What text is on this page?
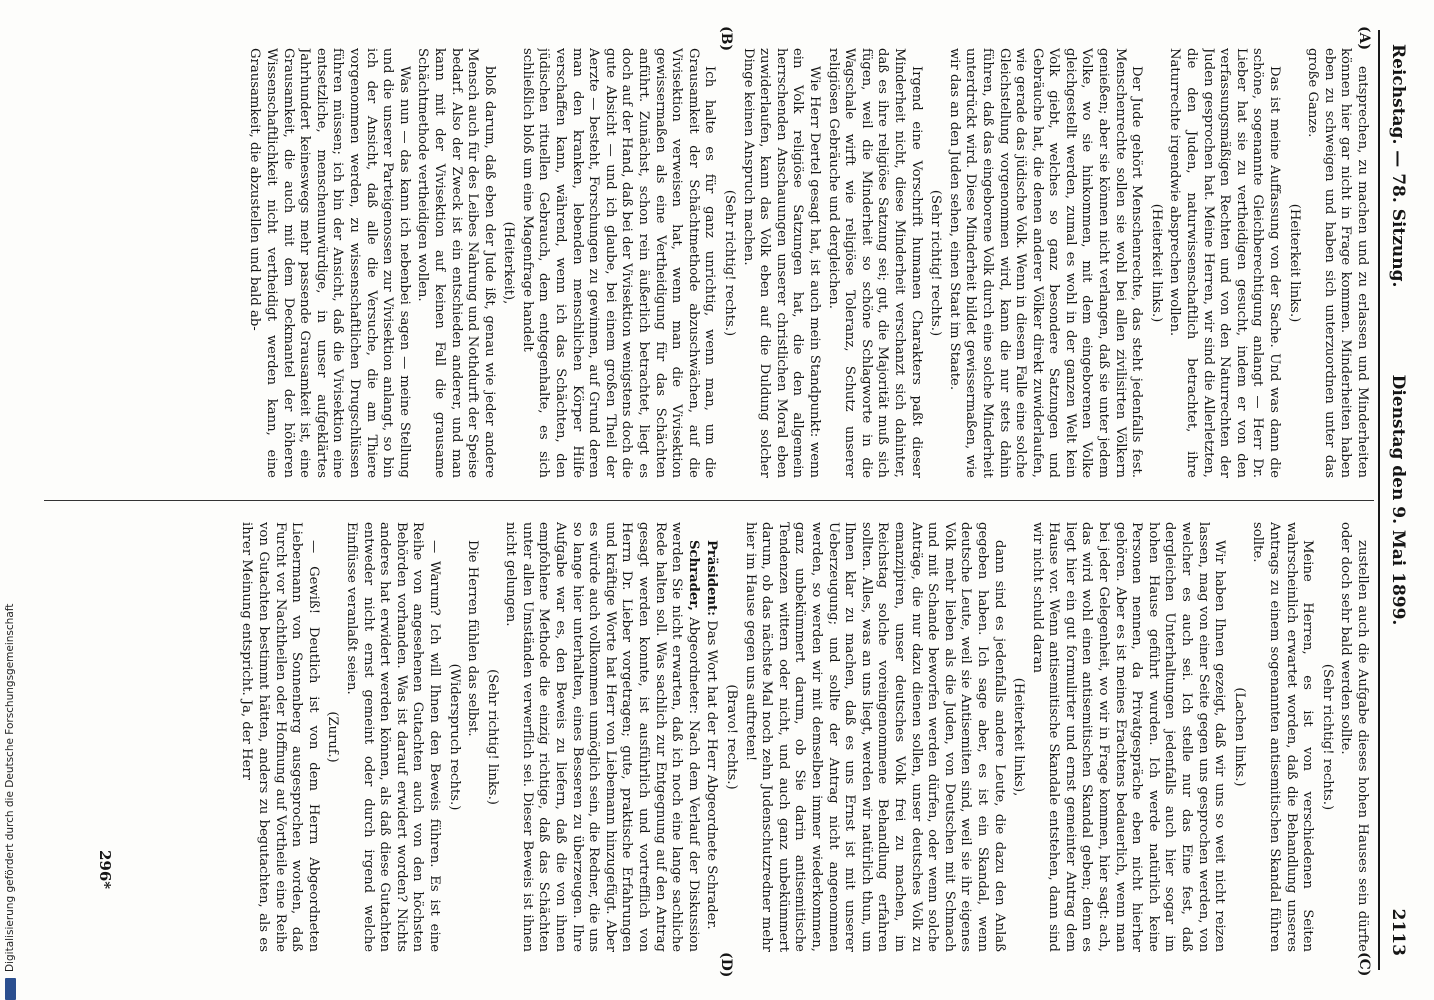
Reichstag. — 78. Sitzung.
Dienstag den 9. Mai 1899.
2113
(A)
(B)
(C)
(D)

entsprechen, zu machen und zu erlassen und Minderheiten können hier gar nicht in Frage kommen. Minderheiten haben eben zu schweigen und haben sich unterzuordnen unter das große Ganze.

(Heiterkeit links.)

Das ist meine Auffassung von der Sache. Und was dann die schöne, sogenannte Gleichberechtigung anlangt — Herr Dr. Lieber hat sie zu vertheidigen gesucht, indem er von den verfassungsmäßigen Rechten und von den Naturrechten der Juden gesprochen hat. Meine Herren, wir sind die Allerletzten, die den Juden, naturwissenschaftlich betrachtet, ihre Naturrechte irgendwie absprechen wollen.

(Heiterkeit links.)

Der Jude gehört Menschenrechte, das steht jedenfalls fest. Menschenrechte sollen sie wohl bei allen zivilisirten Völkern genießen; aber sie können nicht verlangen, daß sie unter jedem Volke, wo sie hinkommen, mit dem eingeborenen Volke gleichgestellt werden, zumal es wohl in der ganzen Welt kein Volk giebt, welches so ganz besondere Satzungen und Gebräuche hat, die denen anderer Völker direkt zuwiderlaufen, wie gerade das jüdische Volk. Wenn in diesem Falle eine solche Gleichstellung vorgenommen wird, kann die nur stets dahin führen, daß das eingeborene Volk durch eine solche Minderheit unterdrückt wird. Diese Minderheit bildet gewissermaßen, wie wir das an den Juden sehen, einen Staat im Staate.

(Sehr richtig! rechts.)

Irgend eine Vorschrift humanen Charakters paßt dieser Minderheit nicht, diese Minderheit verschanzt sich dahinter, daß es ihre religiöse Satzung sei; gut, die Majorität muß sich fügen, weil die Minderheit so schöne Schlagworte in die Wagschale wirft wie religiöse Toleranz, Schutz unserer religiösen Gebräuche und dergleichen.

Wie Herr Dertel gesagt hat, ist auch mein Standpunkt: wenn ein Volk religiöse Satzungen hat, die den allgemein herrschenden Anschauungen unserer christlichen Moral eben zuwiderlaufen, kann das Volk eben auf die Duldung solcher Dinge keinen Anspruch machen.

(Sehr richtig! rechts.)

Ich halte es für ganz unrichtig, wenn man, um die Grausamkeit der Schächtmethode abzuschwächen, auf die Vivisektion verweisen hat, wenn man die Vivisektion gewissermaßen als eine Vertheidigung für das Schächten anführt. Zunächst, schon rein äußerlich betrachtet, liegt es doch auf der Hand, daß bei der Vivisektion wenigstens doch die gute Absicht — und ich glaube, bei einem großen Theil der Aerzte — besteht, Forschungen zu gewinnen, auf Grund deren man den kranken, lebenden menschlichen Körper Hilfe verschaffen kann, während, wenn ich das Schächten, den jüdischen rituellen Gebrauch, dem entgegenhalte, es sich schließlich bloß um eine Magenfrage handelt

(Heiterkeit),

bloß darum, daß eben der Jude ißt, genau wie jeder andere Mensch auch für des Leibes Nahrung und Nothdurft der Speise bedarf. Also der Zweck ist ein entschieden anderer, und man kann mit der Vivisektion auf keinen Fall die grausame Schächtmethode vertheidigen wollen.

Was nun — das kann ich nebenbei sagen — meine Stellung und die unserer Parteigenossen zur Vivisektion anlangt, so bin ich der Ansicht, daß alle die Versuche, die am Thiere vorgenommen werden, zu wissenschaftlichen Drugschlüssen führen müssen; ich bin der Ansicht, daß die Vivisektion eine entsetzliche, menschenunwürdige, in unser aufgeklärtes Jahrhundert keineswegs mehr passende Grausamkeit ist, eine Grausamkeit, die auch mit dem Deckmantel der höheren Wissenschaftlichkeit nicht vertheidigt werden kann, eine Grausamkeit, die abzustellen und bald ab-

zustellen auch die Aufgabe dieses hohen Hauses sein dürfte oder doch sehr bald werden sollte.

(Sehr richtig! rechts.)

Meine Herren, es ist von verschiedenen Seiten wahrscheinlich erwartet worden, daß die Behandlung unseres Antrags zu einem sogenannten antisemitischen Skandal führen sollte.

(Lachen links.)

Wir haben Ihnen gezeigt, daß wir uns so weit nicht reizen lassen, mag von einer Seite gegen uns gesprochen werden, von welcher es auch sei. Ich stelle nur das Eine fest, daß dergleichen Unterhaltungen jedenfalls auch hier sogar im hohen Hause geführt wurden. Ich werde natürlich keine Personen nennen, da Privatgespräche eben nicht hierher gehören. Aber es ist meines Erachtens bedauerlich, wenn man bei jeder Gelegenheit, wo wir in Frage kommen, hier sagt: ach, das wird wohl einen antisemitischen Skandal geben; denn es liegt hier ein gut formulirter und ernst gemeinter Antrag dem Hause vor. Wenn antisemitische Skandale entstehen, dann sind wir nicht schuld daran

(Heiterkeit links),

dann sind es jedenfalls andere Leute, die dazu den Anlaß gegeben haben. Ich sage aber, es ist ein Skandal, wenn deutsche Leute, weil sie Antisemiten sind, weil sie ihr eigenes Volk mehr lieben als die Juden, von Deutschen mit Schmach und mit Schande beworfen werden dürfen, oder wenn solche Anträge, die nur dazu dienen sollen, unser deutsches Volk zu emanzipiren, unser deutsches Volk frei zu machen, im Reichstag solche voreingenommene Behandlung erfahren sollten. Alles, was an uns liegt, werden wir natürlich thun, um Ihnen klar zu machen, daß es uns Ernst ist mit unserer Ueberzeugung; und sollte der Antrag nicht angenommen werden, so werden wir mit demselben immer wiederkommen, ganz unbekümmert darum, ob Sie darin antisemitische Tendenzen wittern oder nicht, und auch ganz unbekümmert darum, ob das nächste Mal noch zehn Judenschutzredner mehr hier im Hause gegen uns auftreten!

(Bravo! rechts.)

Präsident: Das Wort hat der Herr Abgeordnete Schrader.

Schrader, Abgeordneter: Nach dem Verlauf der Diskussion werden Sie nicht erwarten, daß ich noch eine lange sachliche Rede halten soll. Was sachlich zur Entgegnung auf den Antrag gesagt werden konnte, ist ausführlich und vortrefflich von Herrn Dr. Lieber vorgetragen; gute, praktische Erfahrungen und kräftige Worte hat Herr von Liebemann hinzugefügt. Aber es würde auch vollkommen unmöglich sein, die Redner, die uns so lange hier unterhalten, eines Besseren zu überzeugen. Ihre Aufgabe war es, den Beweis zu liefern, daß die von ihnen empfohlene Methode die einzig richtige, daß das Schächten unter allen Umständen verwerflich sei. Dieser Beweis ist ihnen nicht gelungen.

(Sehr richtig! links.)

Die Herren fühlen das selbst.

(Widerspruch rechts.)

— Warum? Ich will Ihnen den Beweis führen. Es ist eine Reihe von angesehenen Gutachten auch von den höchsten Behörden vorhanden. Was ist darauf erwidert worden? Nichts anderes hat erwidert werden können, als daß diese Gutachten entweder nicht ernst gemeint oder durch irgend welche Einflüsse veranlaßt seien.

(Zuruf.)

— Gewiß! Deutlich ist von dem Herrn Abgeordneten Liebermann von Sonnenberg ausgesprochen worden, daß Furcht vor Nachtheilen oder Hoffnung auf Vortheile eine Reihe von Gutachten bestimmt hätten, anders zu begutachten, als es ihrer Meinung entspricht. Ja, der Herr

296*
Digitalisierung gefördert durch die Deutsche Forschungsgemeinschaft
